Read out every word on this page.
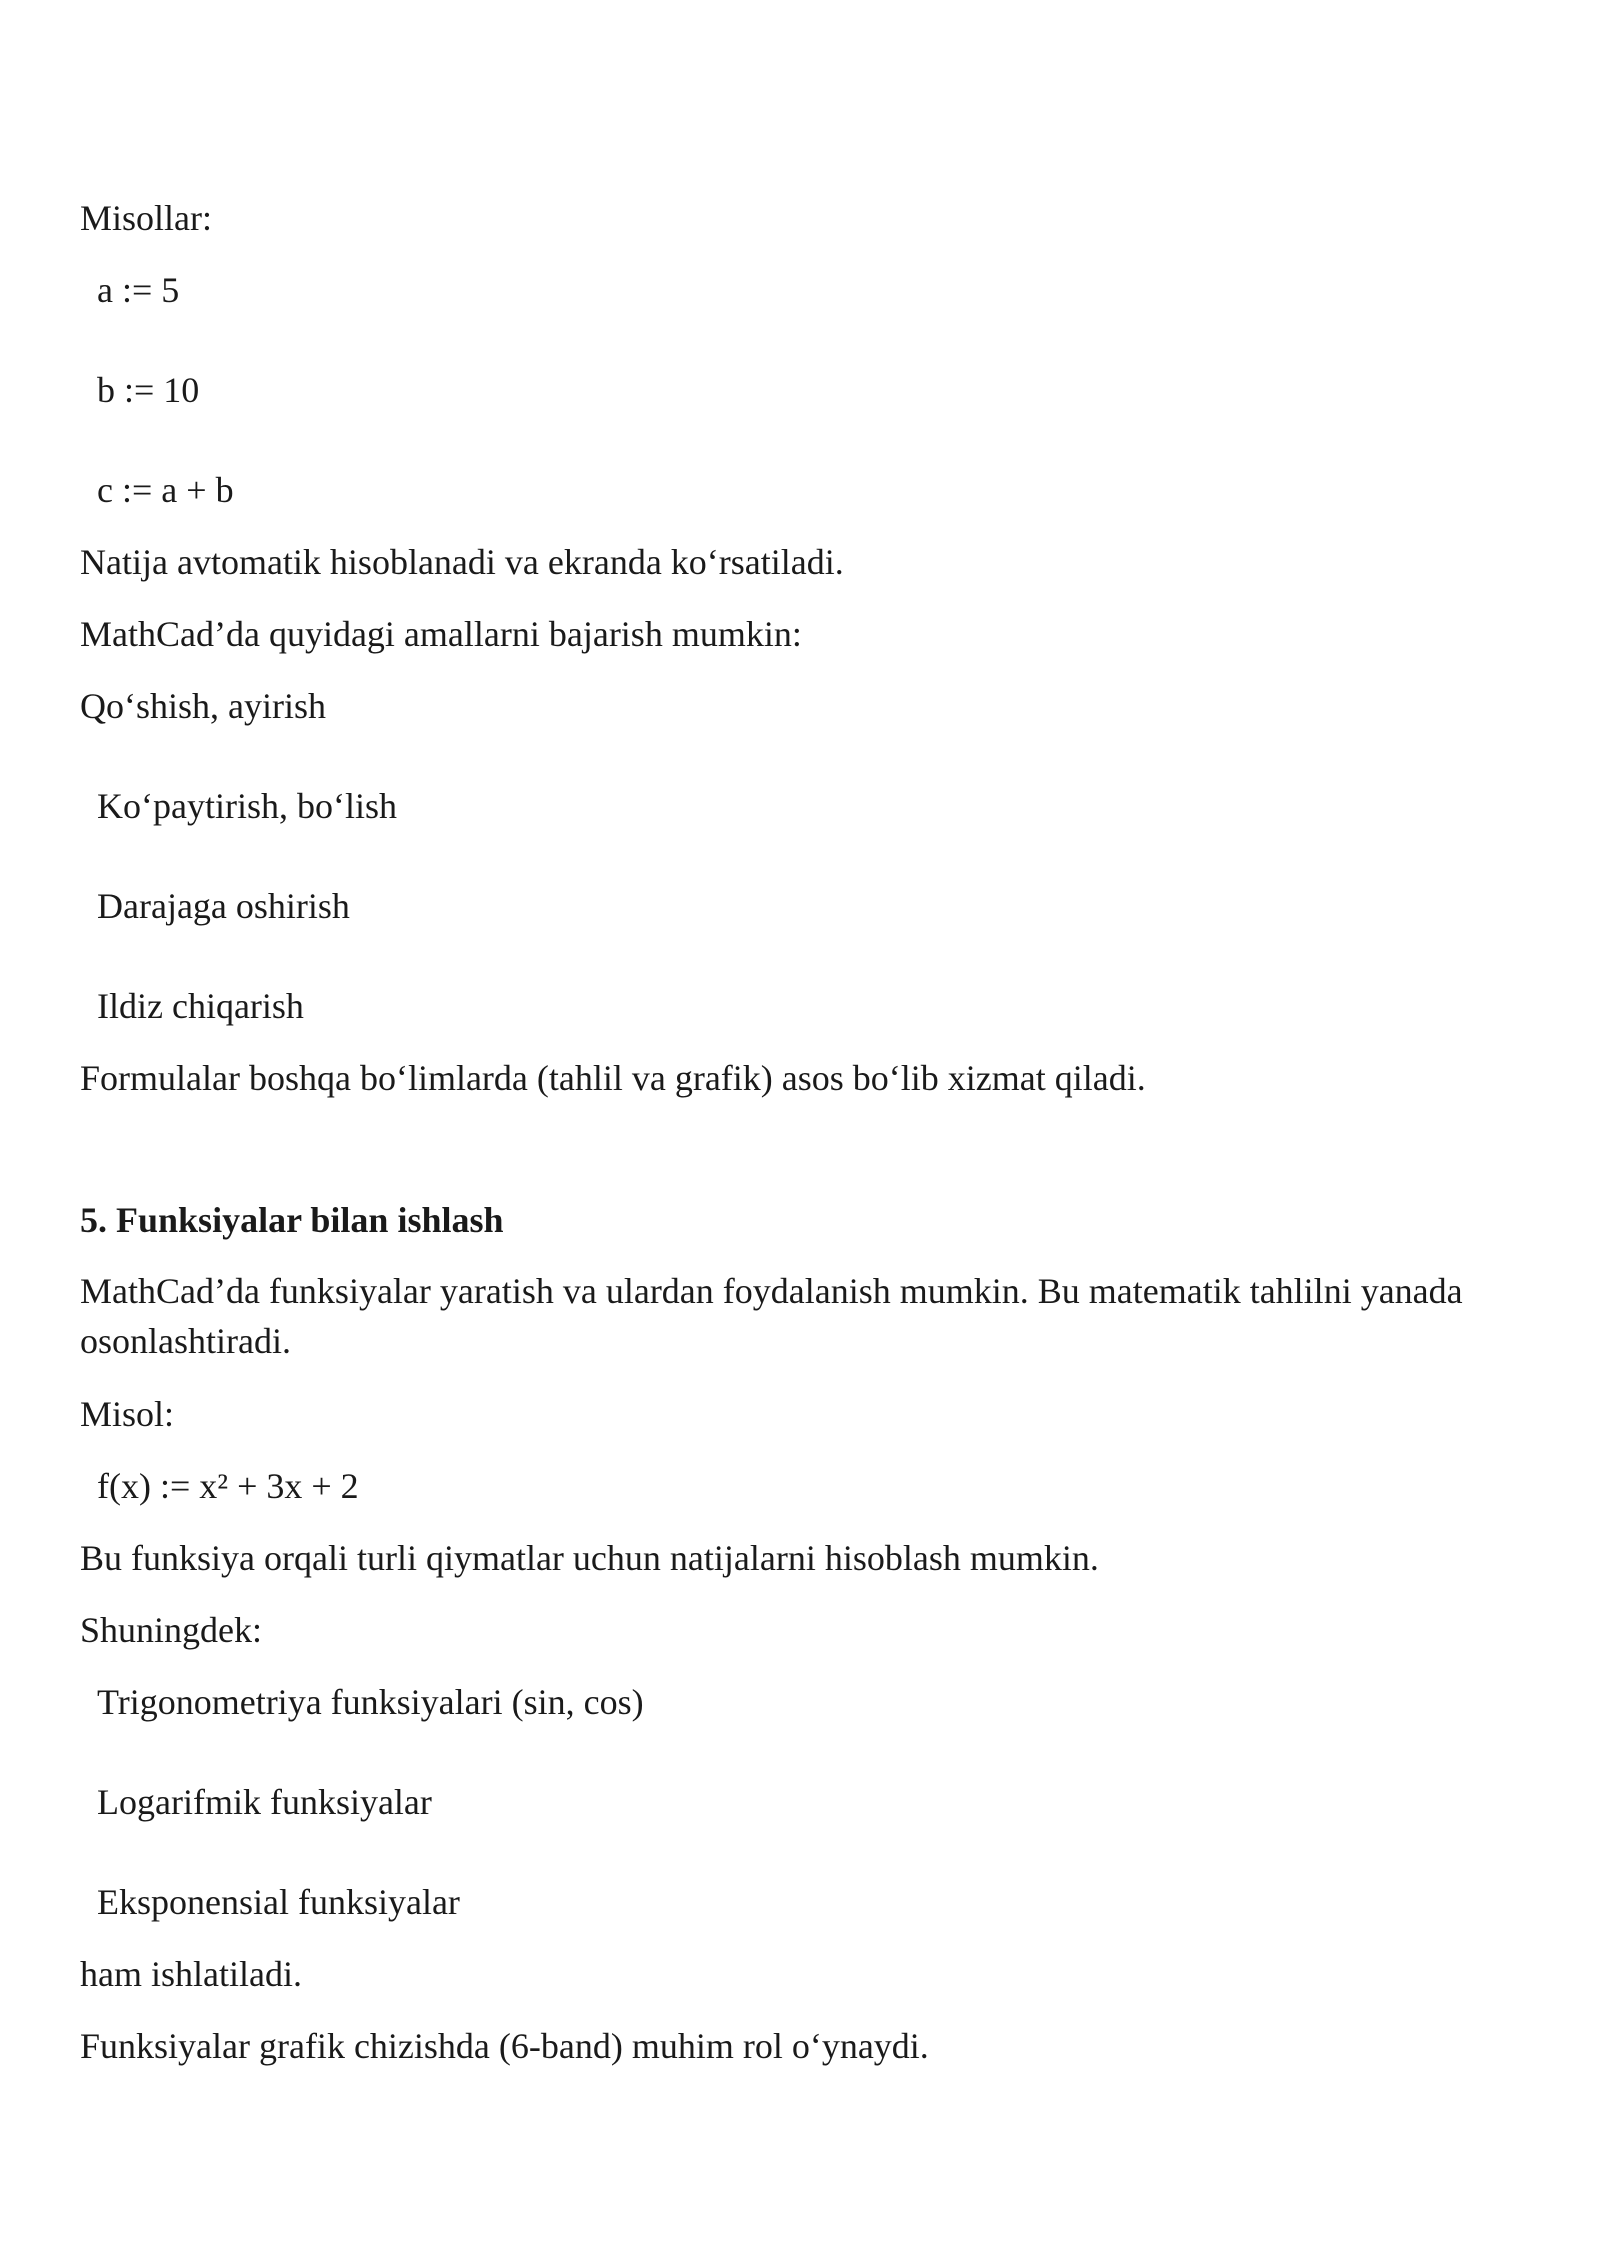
Misollar:
a := 5
b := 10
c := a + b
Natija avtomatik hisoblanadi va ekranda ko‘rsatiladi.
MathCad’da quyidagi amallarni bajarish mumkin:
Qo‘shish, ayirish
Ko‘paytirish, bo‘lish
Darajaga oshirish
Ildiz chiqarish
Formulalar boshqa bo‘limlarda (tahlil va grafik) asos bo‘lib xizmat qiladi.
5. Funksiyalar bilan ishlash
MathCad’da funksiyalar yaratish va ulardan foydalanish mumkin. Bu matematik tahlilni yanada osonlashtiradi.
Misol:
f(x) := x² + 3x + 2
Bu funksiya orqali turli qiymatlar uchun natijalarni hisoblash mumkin.
Shuningdek:
Trigonometriya funksiyalari (sin, cos)
Logarifmik funksiyalar
Eksponensial funksiyalar
ham ishlatiladi.
Funksiyalar grafik chizishda (6-band) muhim rol o‘ynaydi.
